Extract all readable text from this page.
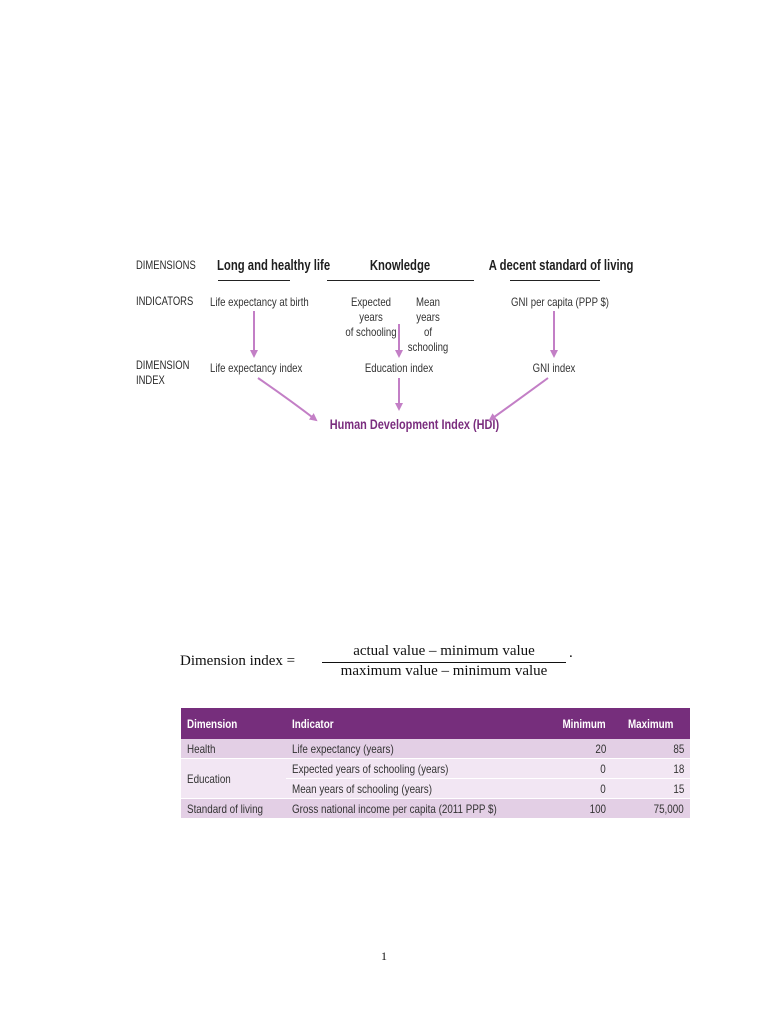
DIMENSIONS
INDICATORS
DIMENSION
INDEX
Long and healthy life	Knowledge	A decent standard of living
Life expectancy at birth	Expected years
of schooling
Mean years
of schooling
GNI per capita (PPP $)
Life expectancy index	Education index	GNI index
Human Development Index (HDI)
Dimension index =
actual value – minimum value
maximum value – minimum value
.
Dimension	Indicator	Minimum	Maximum
Health	Life expectancy (years)	20	85
Education	Expected years of schooling (years)	0	18
	Mean years of schooling (years)	0	15
Standard of living	Gross national income per capita (2011 PPP $)	100	75,000
1
